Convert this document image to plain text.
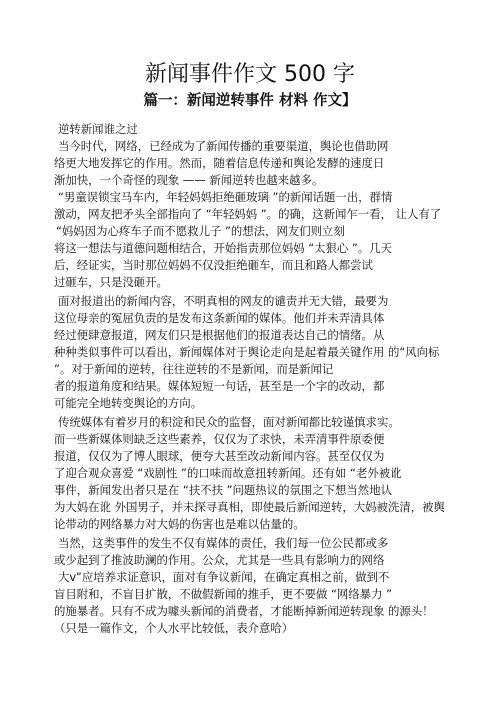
新闻事件作文 500 字
篇一：新闻逆转事件 材料 作文】
逆转新闻谁之过
当今时代，网络，已经成为了新闻传播的重要渠道，舆论也借助网
络更大地发挥它的作用。然而，随着信息传递和舆论发酵的速度日
渐加快，一个奇怪的现象 —— 新闻逆转也越来越多。
“男童误锁宝马车内，年轻妈妈拒绝砸玻璃 ”的新闻话题一出，群情
激动，网友把矛头全部指向了 “年轻妈妈 ”。的确，这新闻乍一看， 让人有了
“妈妈因为心疼车子而不愿救儿子 ”的想法，网友们则立刻
将这一想法与道德问题相结合，开始指责那位妈妈 “太狠心 ”。几天
后，经证实，当时那位妈妈不仅没拒绝砸车，而且和路人都尝试
过砸车，只是没砸开。
面对报道出的新闻内容，不明真相的网友的谴责并无大错，最要为
这位母亲的冤屈负责的是发布这条新闻的媒体。他们并未弄清具体
经过便肆意报道，网友们只是根据他们的报道表达自己的情绪。从
种种类似事件可以看出，新闻媒体对于舆论走向是起着最关键作用 的“风向标
”。对于新闻的逆转，往往逆转的不是新闻，而是新闻记
者的报道角度和结果。媒体短短一句话，甚至是一个字的改动，都
可能完全地转变舆论的方向。
传统媒体有着岁月的积淀和民众的监督，面对新闻都比较谨慎求实。
而一些新媒体则缺乏这些素养，仅仅为了求快，未弄清事件原委便
报道，仅仅为了博人眼球，便夸大甚至改动新闻内容。甚至仅仅为
了迎合观众喜爱 “戏剧性 ”的口味而故意扭转新闻。还有如 “老外被讹
事件，新闻发出者只是在 “扶不扶 ”问题热议的氛围之下想当然地认
为大妈在讹 外国男子，并未探寻真相，即使最后新闻逆转，大妈被洗清，被舆
论带动的网络暴力对大妈的伤害也是难以估量的。
当然，这类事件的发生不仅有媒体的责任，我们每一位公民都或多
或少起到了推波助澜的作用。公众，尤其是一些具有影响力的网络
大v”应培养求证意识，面对有争议新闻，在确定真相之前，做到不
盲目附和，不盲目扩散，不做假新闻的推手，更不要做 “网络暴力 ”
的施暴者。只有不成为噱头新闻的消费者，才能断掉新闻逆转现象 的源头！
（只是一篇作文，个人水平比较低，表介意哈）
